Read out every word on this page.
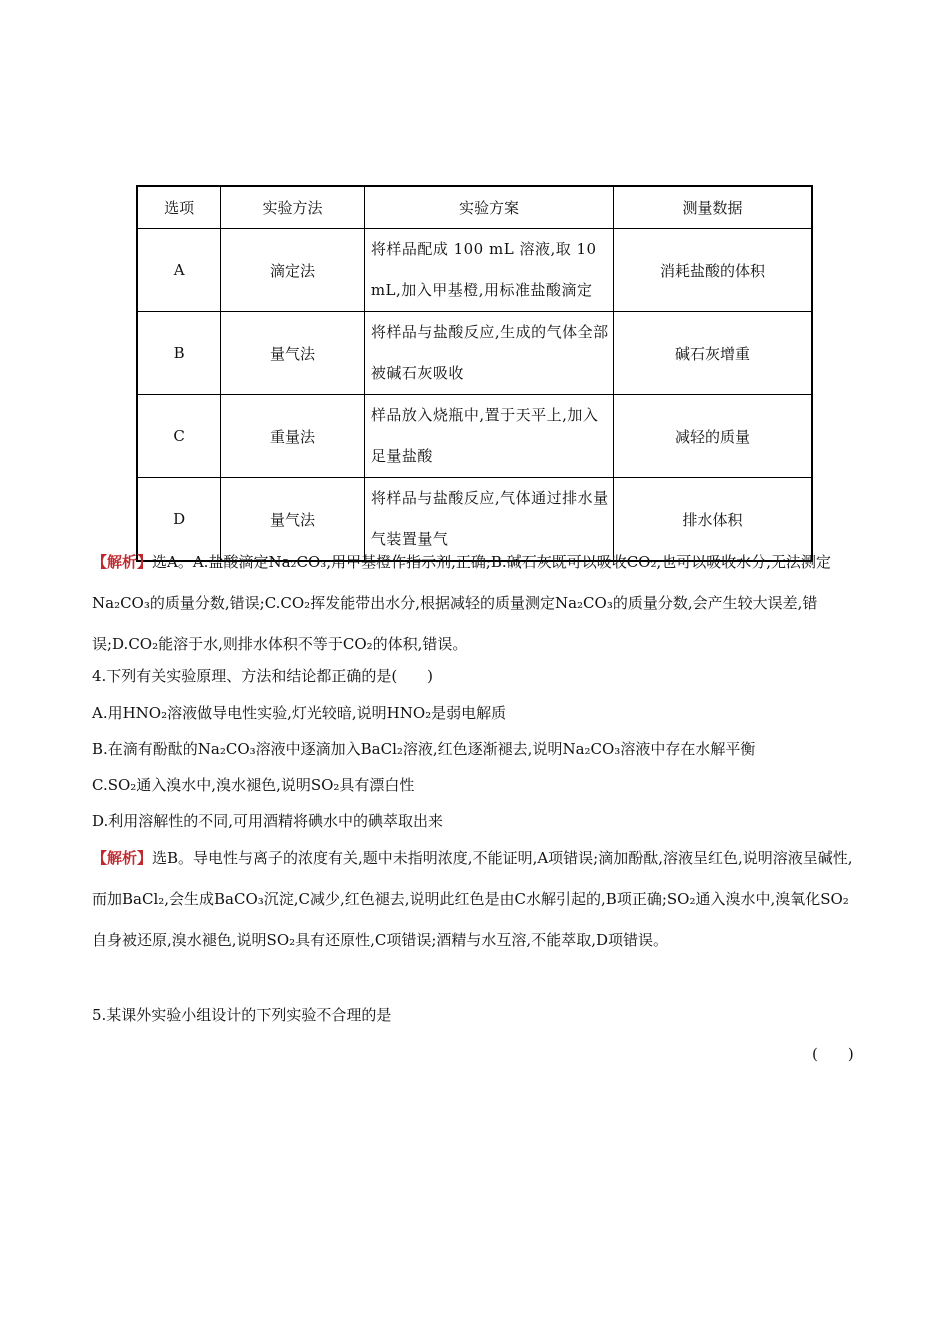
选项	实验方法	实验方案	测量数据
A	滴定法	将样品配成 100 mL 溶液,取 10 mL,加入甲基橙,用标准盐酸滴定	消耗盐酸的体积
B	量气法	将样品与盐酸反应,生成的气体全部被碱石灰吸收	碱石灰增重
C	重量法	样品放入烧瓶中,置于天平上,加入足量盐酸	减轻的质量
D	量气法	将样品与盐酸反应,气体通过排水量气装置量气	排水体积
【解析】选A。A.盐酸滴定Na₂CO₃,用甲基橙作指示剂,正确;B.碱石灰既可以吸收CO₂,也可以吸收水分,无法测定Na₂CO₃的质量分数,错误;C.CO₂挥发能带出水分,根据减轻的质量测定Na₂CO₃的质量分数,会产生较大误差,错误;D.CO₂能溶于水,则排水体积不等于CO₂的体积,错误。
4.下列有关实验原理、方法和结论都正确的是(　　)
A.用HNO₂溶液做导电性实验,灯光较暗,说明HNO₂是弱电解质
B.在滴有酚酞的Na₂CO₃溶液中逐滴加入BaCl₂溶液,红色逐渐褪去,说明Na₂CO₃溶液中存在水解平衡
C.SO₂通入溴水中,溴水褪色,说明SO₂具有漂白性
D.利用溶解性的不同,可用酒精将碘水中的碘萃取出来
【解析】选B。导电性与离子的浓度有关,题中未指明浓度,不能证明,A项错误;滴加酚酞,溶液呈红色,说明溶液呈碱性,而加BaCl₂,会生成BaCO₃沉淀,C减少,红色褪去,说明此红色是由C水解引起的,B项正确;SO₂通入溴水中,溴氧化SO₂自身被还原,溴水褪色,说明SO₂具有还原性,C项错误;酒精与水互溶,不能萃取,D项错误。
5.某课外实验小组设计的下列实验不合理的是
(　　)
